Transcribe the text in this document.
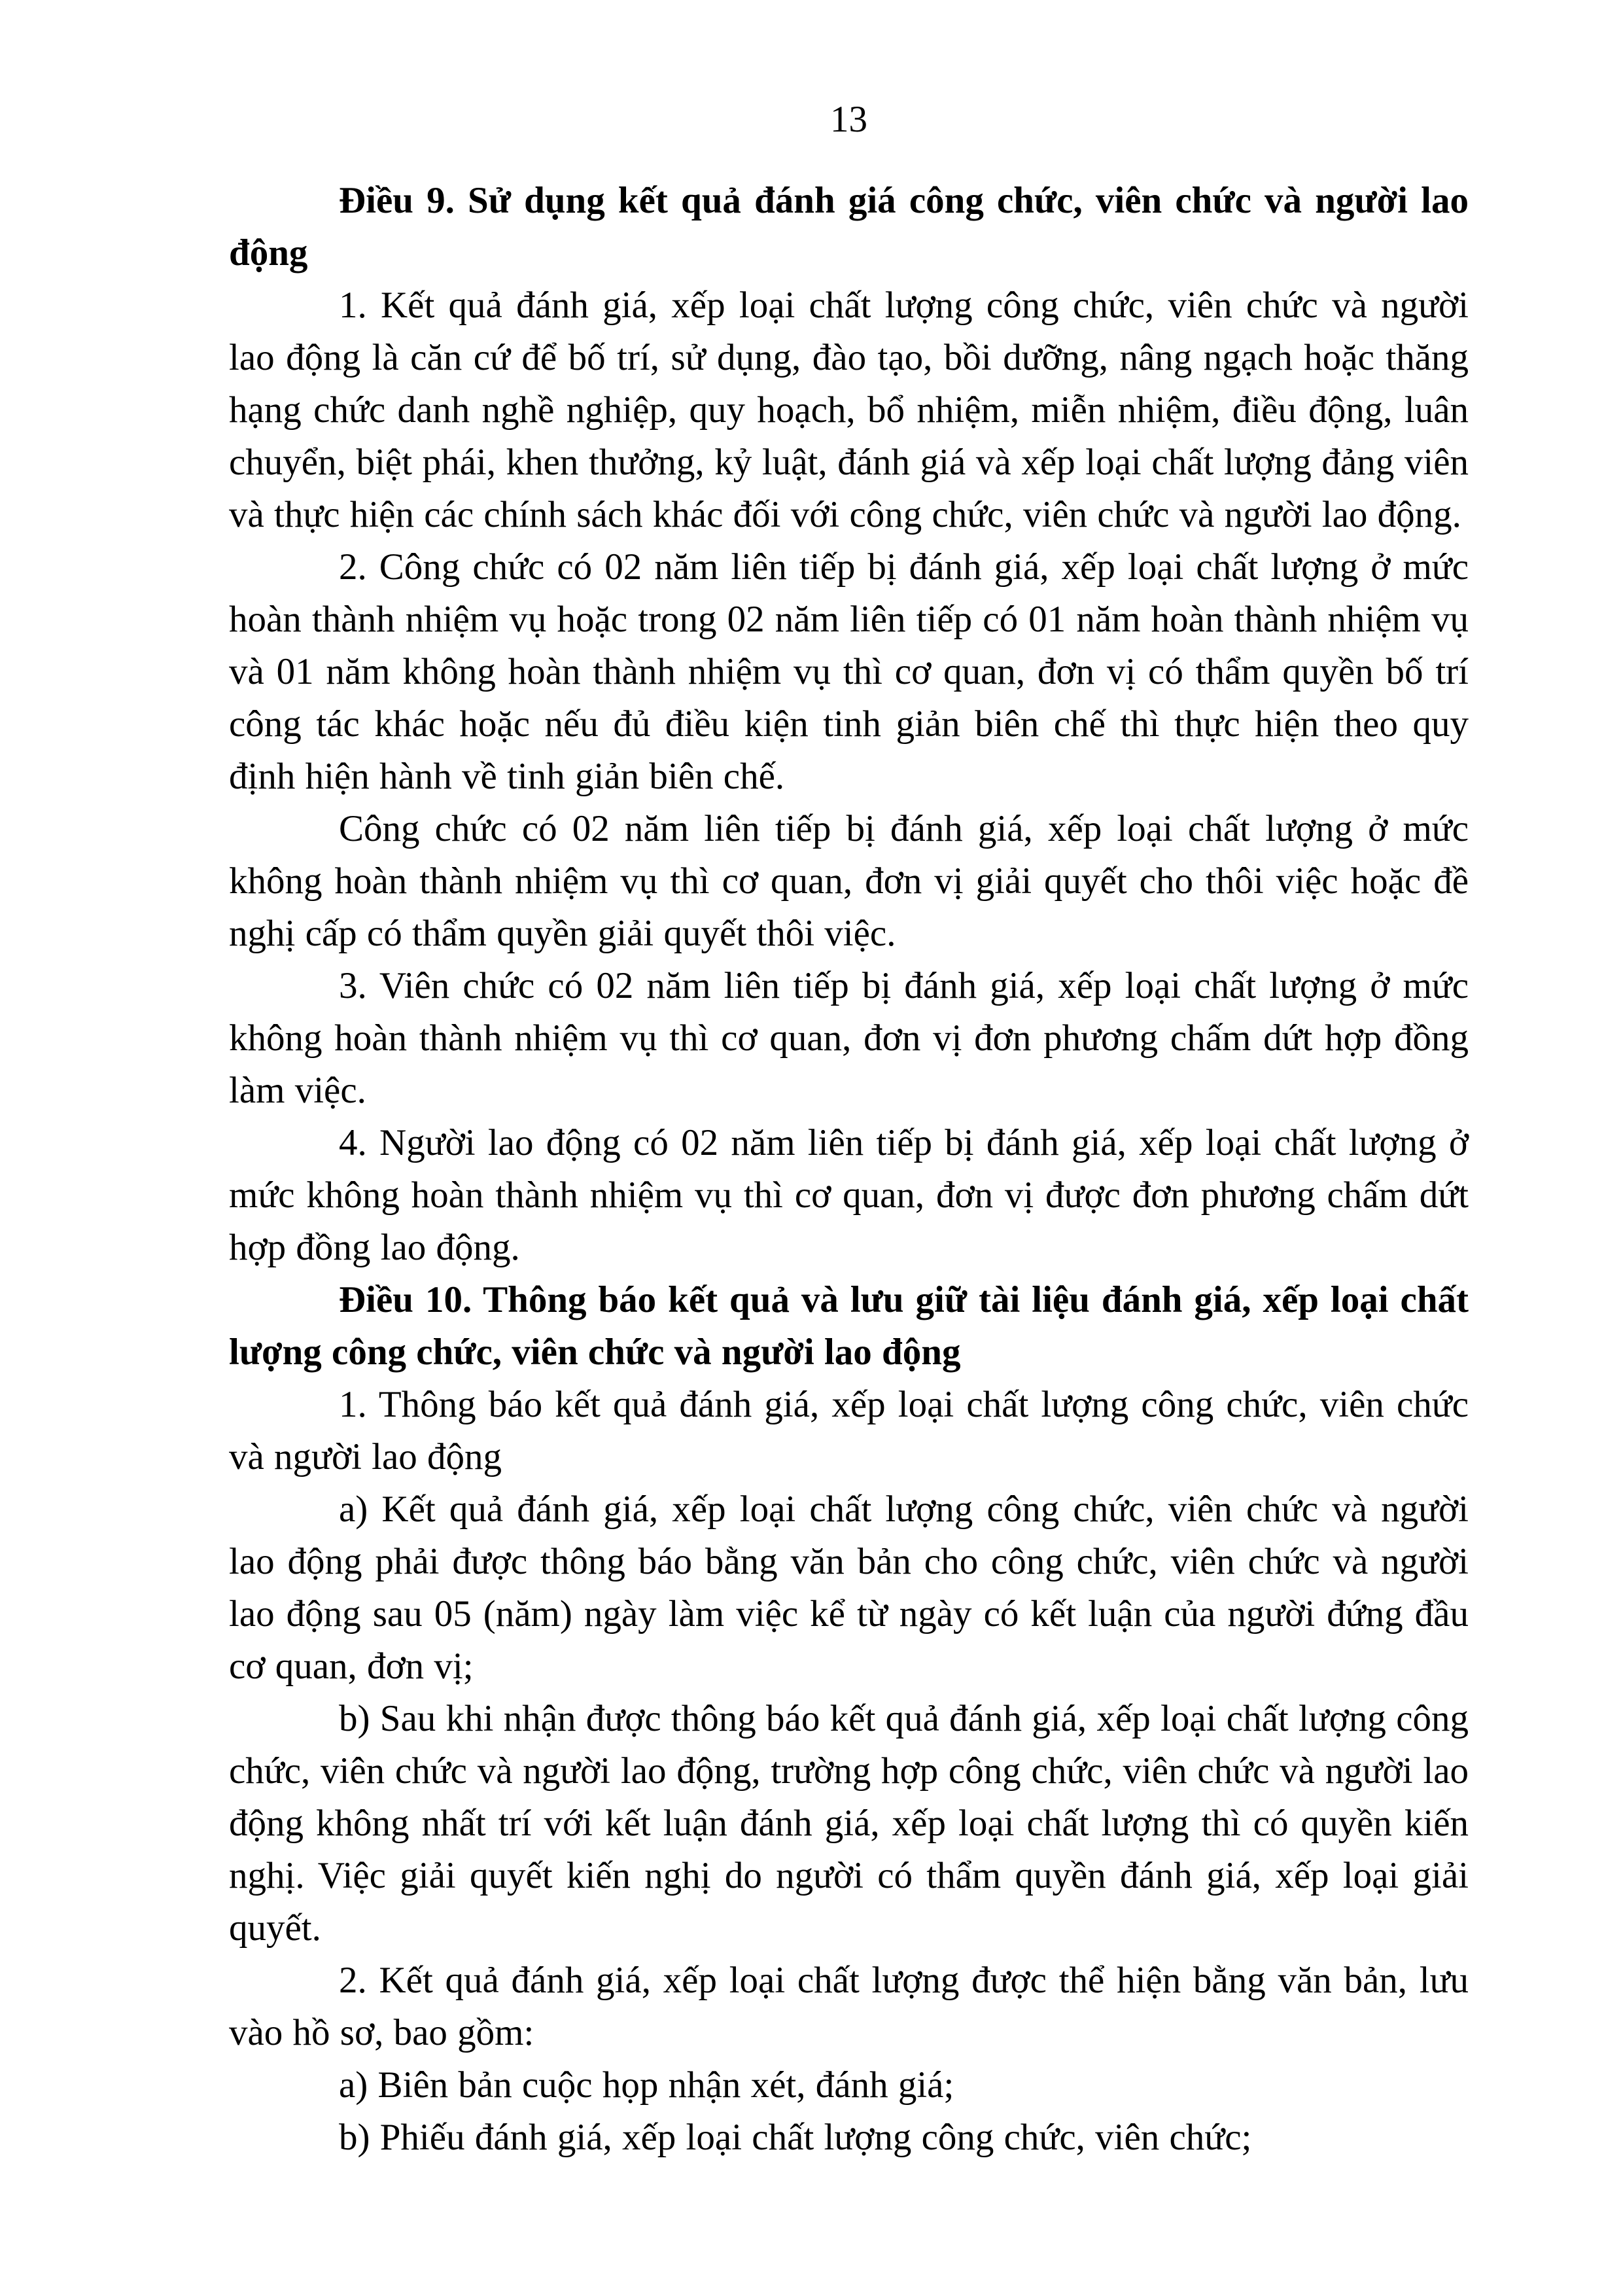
13

Điều 9. Sử dụng kết quả đánh giá công chức, viên chức và người lao động

1. Kết quả đánh giá, xếp loại chất lượng công chức, viên chức và người lao động là căn cứ để bố trí, sử dụng, đào tạo, bồi dưỡng, nâng ngạch hoặc thăng hạng chức danh nghề nghiệp, quy hoạch, bổ nhiệm, miễn nhiệm, điều động, luân chuyển, biệt phái, khen thưởng, kỷ luật, đánh giá và xếp loại chất lượng đảng viên và thực hiện các chính sách khác đối với công chức, viên chức và người lao động.

2. Công chức có 02 năm liên tiếp bị đánh giá, xếp loại chất lượng ở mức hoàn thành nhiệm vụ hoặc trong 02 năm liên tiếp có 01 năm hoàn thành nhiệm vụ và 01 năm không hoàn thành nhiệm vụ thì cơ quan, đơn vị có thẩm quyền bố trí công tác khác hoặc nếu đủ điều kiện tinh giản biên chế thì thực hiện theo quy định hiện hành về tinh giản biên chế.

Công chức có 02 năm liên tiếp bị đánh giá, xếp loại chất lượng ở mức không hoàn thành nhiệm vụ thì cơ quan, đơn vị giải quyết cho thôi việc hoặc đề nghị cấp có thẩm quyền giải quyết thôi việc.

3. Viên chức có 02 năm liên tiếp bị đánh giá, xếp loại chất lượng ở mức không hoàn thành nhiệm vụ thì cơ quan, đơn vị đơn phương chấm dứt hợp đồng làm việc.

4. Người lao động có 02 năm liên tiếp bị đánh giá, xếp loại chất lượng ở mức không hoàn thành nhiệm vụ thì cơ quan, đơn vị được đơn phương chấm dứt hợp đồng lao động.

Điều 10. Thông báo kết quả và lưu giữ tài liệu đánh giá, xếp loại chất lượng công chức, viên chức và người lao động

1. Thông báo kết quả đánh giá, xếp loại chất lượng công chức, viên chức và người lao động

a) Kết quả đánh giá, xếp loại chất lượng công chức, viên chức và người lao động phải được thông báo bằng văn bản cho công chức, viên chức và người lao động sau 05 (năm) ngày làm việc kể từ ngày có kết luận của người đứng đầu cơ quan, đơn vị;

b) Sau khi nhận được thông báo kết quả đánh giá, xếp loại chất lượng công chức, viên chức và người lao động, trường hợp công chức, viên chức và người lao động không nhất trí với kết luận đánh giá, xếp loại chất lượng thì có quyền kiến nghị. Việc giải quyết kiến nghị do người có thẩm quyền đánh giá, xếp loại giải quyết.

2. Kết quả đánh giá, xếp loại chất lượng được thể hiện bằng văn bản, lưu vào hồ sơ, bao gồm:

a) Biên bản cuộc họp nhận xét, đánh giá;

b) Phiếu đánh giá, xếp loại chất lượng công chức, viên chức;
